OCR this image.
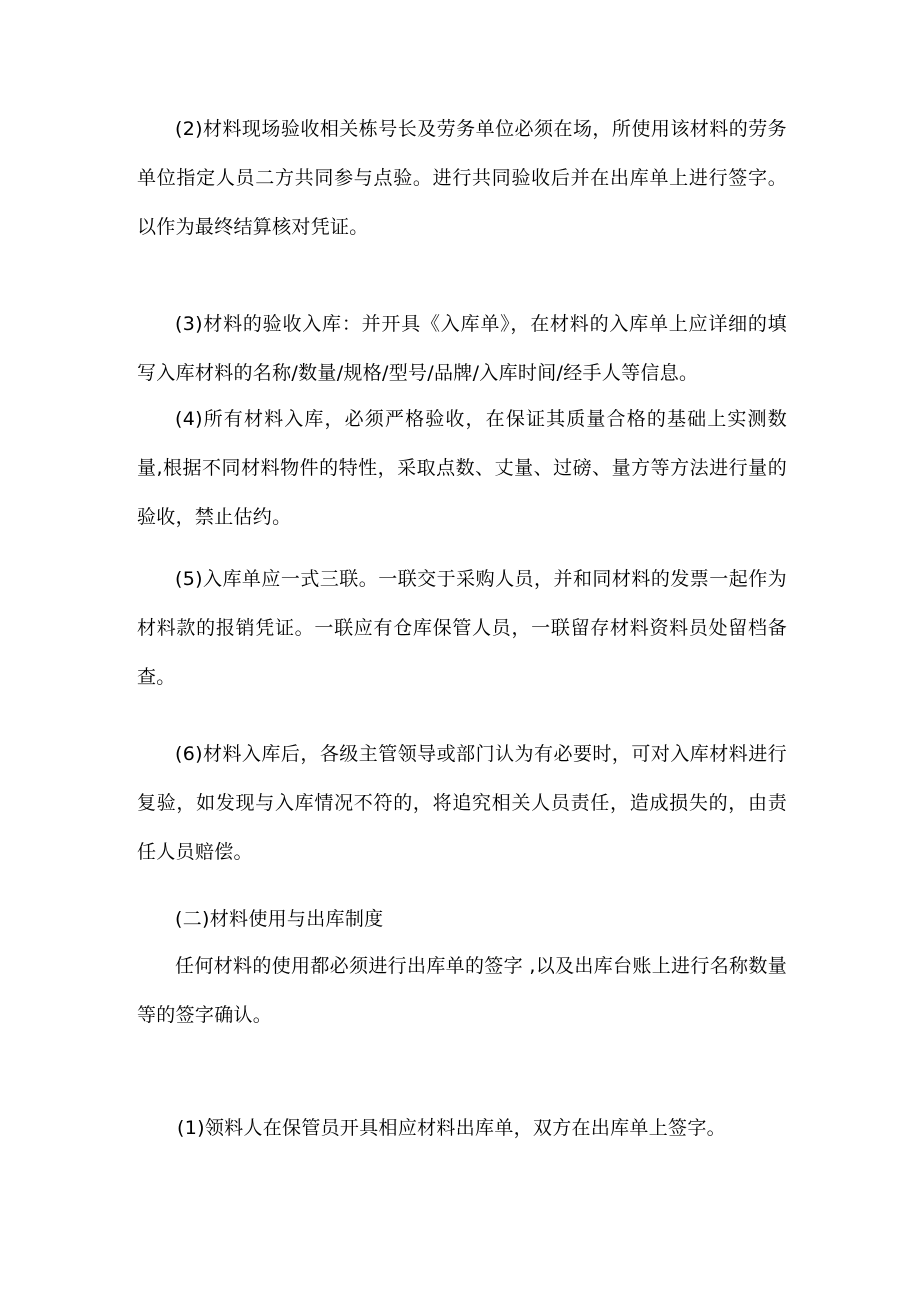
(2)材料现场验收相关栋号长及劳务单位必须在场，所使用该材料的劳务单位指定人员二方共同参与点验。进行共同验收后并在出库单上进行签字。以作为最终结算核对凭证。

(3)材料的验收入库：并开具《入库单》，在材料的入库单上应详细的填写入库材料的名称/数量/规格/型号/品牌/入库时间/经手人等信息。

(4)所有材料入库，必须严格验收，在保证其质量合格的基础上实测数量,根据不同材料物件的特性，采取点数、丈量、过磅、量方等方法进行量的验收，禁止估约。

(5)入库单应一式三联。一联交于采购人员，并和同材料的发票一起作为材料款的报销凭证。一联应有仓库保管人员，一联留存材料资料员处留档备查。

(6)材料入库后，各级主管领导或部门认为有必要时，可对入库材料进行复验，如发现与入库情况不符的，将追究相关人员责任，造成损失的，由责任人员赔偿。

(二)材料使用与出库制度

任何材料的使用都必须进行出库单的签字 ,以及出库台账上进行名称数量等的签字确认。

(1)领料人在保管员开具相应材料出库单，双方在出库单上签字。
